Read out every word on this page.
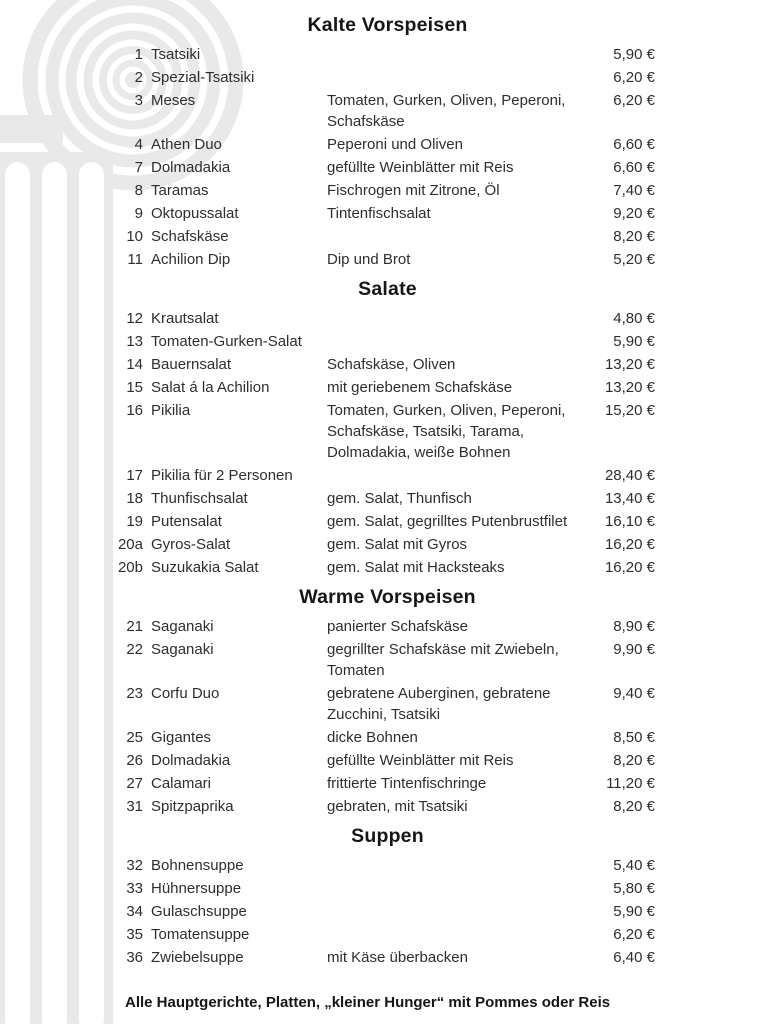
Kalte Vorspeisen
1 Tsatsiki	5,90 €
2 Spezial-Tsatsiki	6,20 €
3 Meses	Tomaten, Gurken, Oliven, Peperoni, Schafskäse
6,20 €
4 Athen Duo	Peperoni und Oliven	6,60 €
7 Dolmadakia	gefüllte Weinblätter mit Reis	6,60 €
8 Taramas	Fischrogen mit Zitrone, Öl	7,40 €
9 Oktopussalat	Tintenfischsalat	9,20 €
10 Schafskäse	8,20 €
11 Achilion Dip	Dip und Brot	5,20 €
Salate
12 Krautsalat	4,80 €
13 Tomaten-Gurken-Salat	5,90 €
14 Bauernsalat	Schafskäse, Oliven	13,20 €
15 Salat á la Achilion	mit geriebenem Schafskäse	13,20 €
16 Pikilia	Tomaten, Gurken, Oliven, Peperoni, Schafskäse, Tsatsiki, Tarama, Dolmadakia, weiße Bohnen
15,20 €
17 Pikilia für 2 Personen	28,40 €
18 Thunfischsalat	gem. Salat, Thunfisch	13,40 €
19 Putensalat	gem. Salat, gegrilltes Putenbrustfilet	16,10 €
20a Gyros-Salat	gem. Salat mit Gyros	16,20 €
20b Suzukakia Salat	gem. Salat mit Hacksteaks	16,20 €
Warme Vorspeisen
21 Saganaki	panierter Schafskäse	8,90 €
22 Saganaki	gegrillter Schafskäse mit Zwiebeln, Tomaten
9,90 €
23 Corfu Duo	gebratene Auberginen, gebratene Zucchini, Tsatsiki
9,40 €
25 Gigantes	dicke Bohnen	8,50 €
26 Dolmadakia	gefüllte Weinblätter mit Reis	8,20 €
27 Calamari	frittierte Tintenfischringe	11,20 €
31 Spitzpaprika	gebraten, mit Tsatsiki	8,20 €
Suppen
32 Bohnensuppe	5,40 €
33 Hühnersuppe	5,80 €
34 Gulaschsuppe	5,90 €
35 Tomatensuppe	6,20 €
36 Zwiebelsuppe	mit Käse überbacken	6,40 €
Alle Hauptgerichte, Platten, „kleiner Hunger“ mit Pommes oder Reis
